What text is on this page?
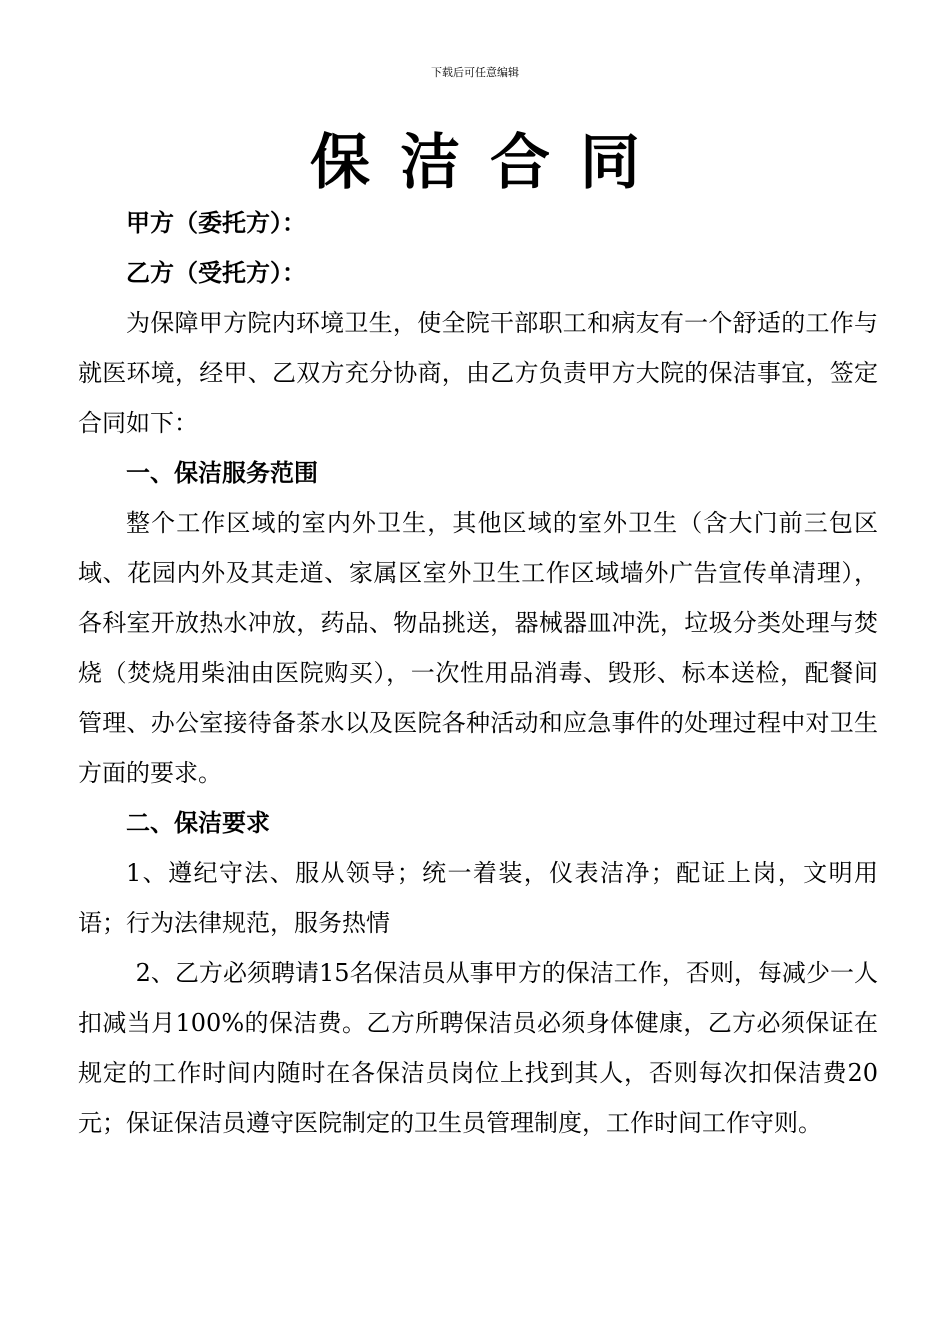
下载后可任意编辑
保洁合同

甲方（委托方）：

乙方（受托方）：

为保障甲方院内环境卫生，使全院干部职工和病友有一个舒适的工作与就医环境，经甲、乙双方充分协商，由乙方负责甲方大院的保洁事宜，签定合同如下：

一、保洁服务范围

整个工作区域的室内外卫生，其他区域的室外卫生（含大门前三包区域、花园内外及其走道、家属区室外卫生工作区域墙外广告宣传单清理），各科室开放热水冲放，药品、物品挑送，器械器皿冲洗，垃圾分类处理与焚烧（焚烧用柴油由医院购买），一次性用品消毒、毁形、标本送检，配餐间管理、办公室接待备茶水以及医院各种活动和应急事件的处理过程中对卫生方面的要求。

二、保洁要求

1、遵纪守法、服从领导；统一着装，仪表洁净；配证上岗，文明用语；行为法律规范，服务热情

2、乙方必须聘请15名保洁员从事甲方的保洁工作，否则，每减少一人扣减当月100%的保洁费。乙方所聘保洁员必须身体健康，乙方必须保证在规定的工作时间内随时在各保洁员岗位上找到其人，否则每次扣保洁费20元；保证保洁员遵守医院制定的卫生员管理制度，工作时间工作守则。
